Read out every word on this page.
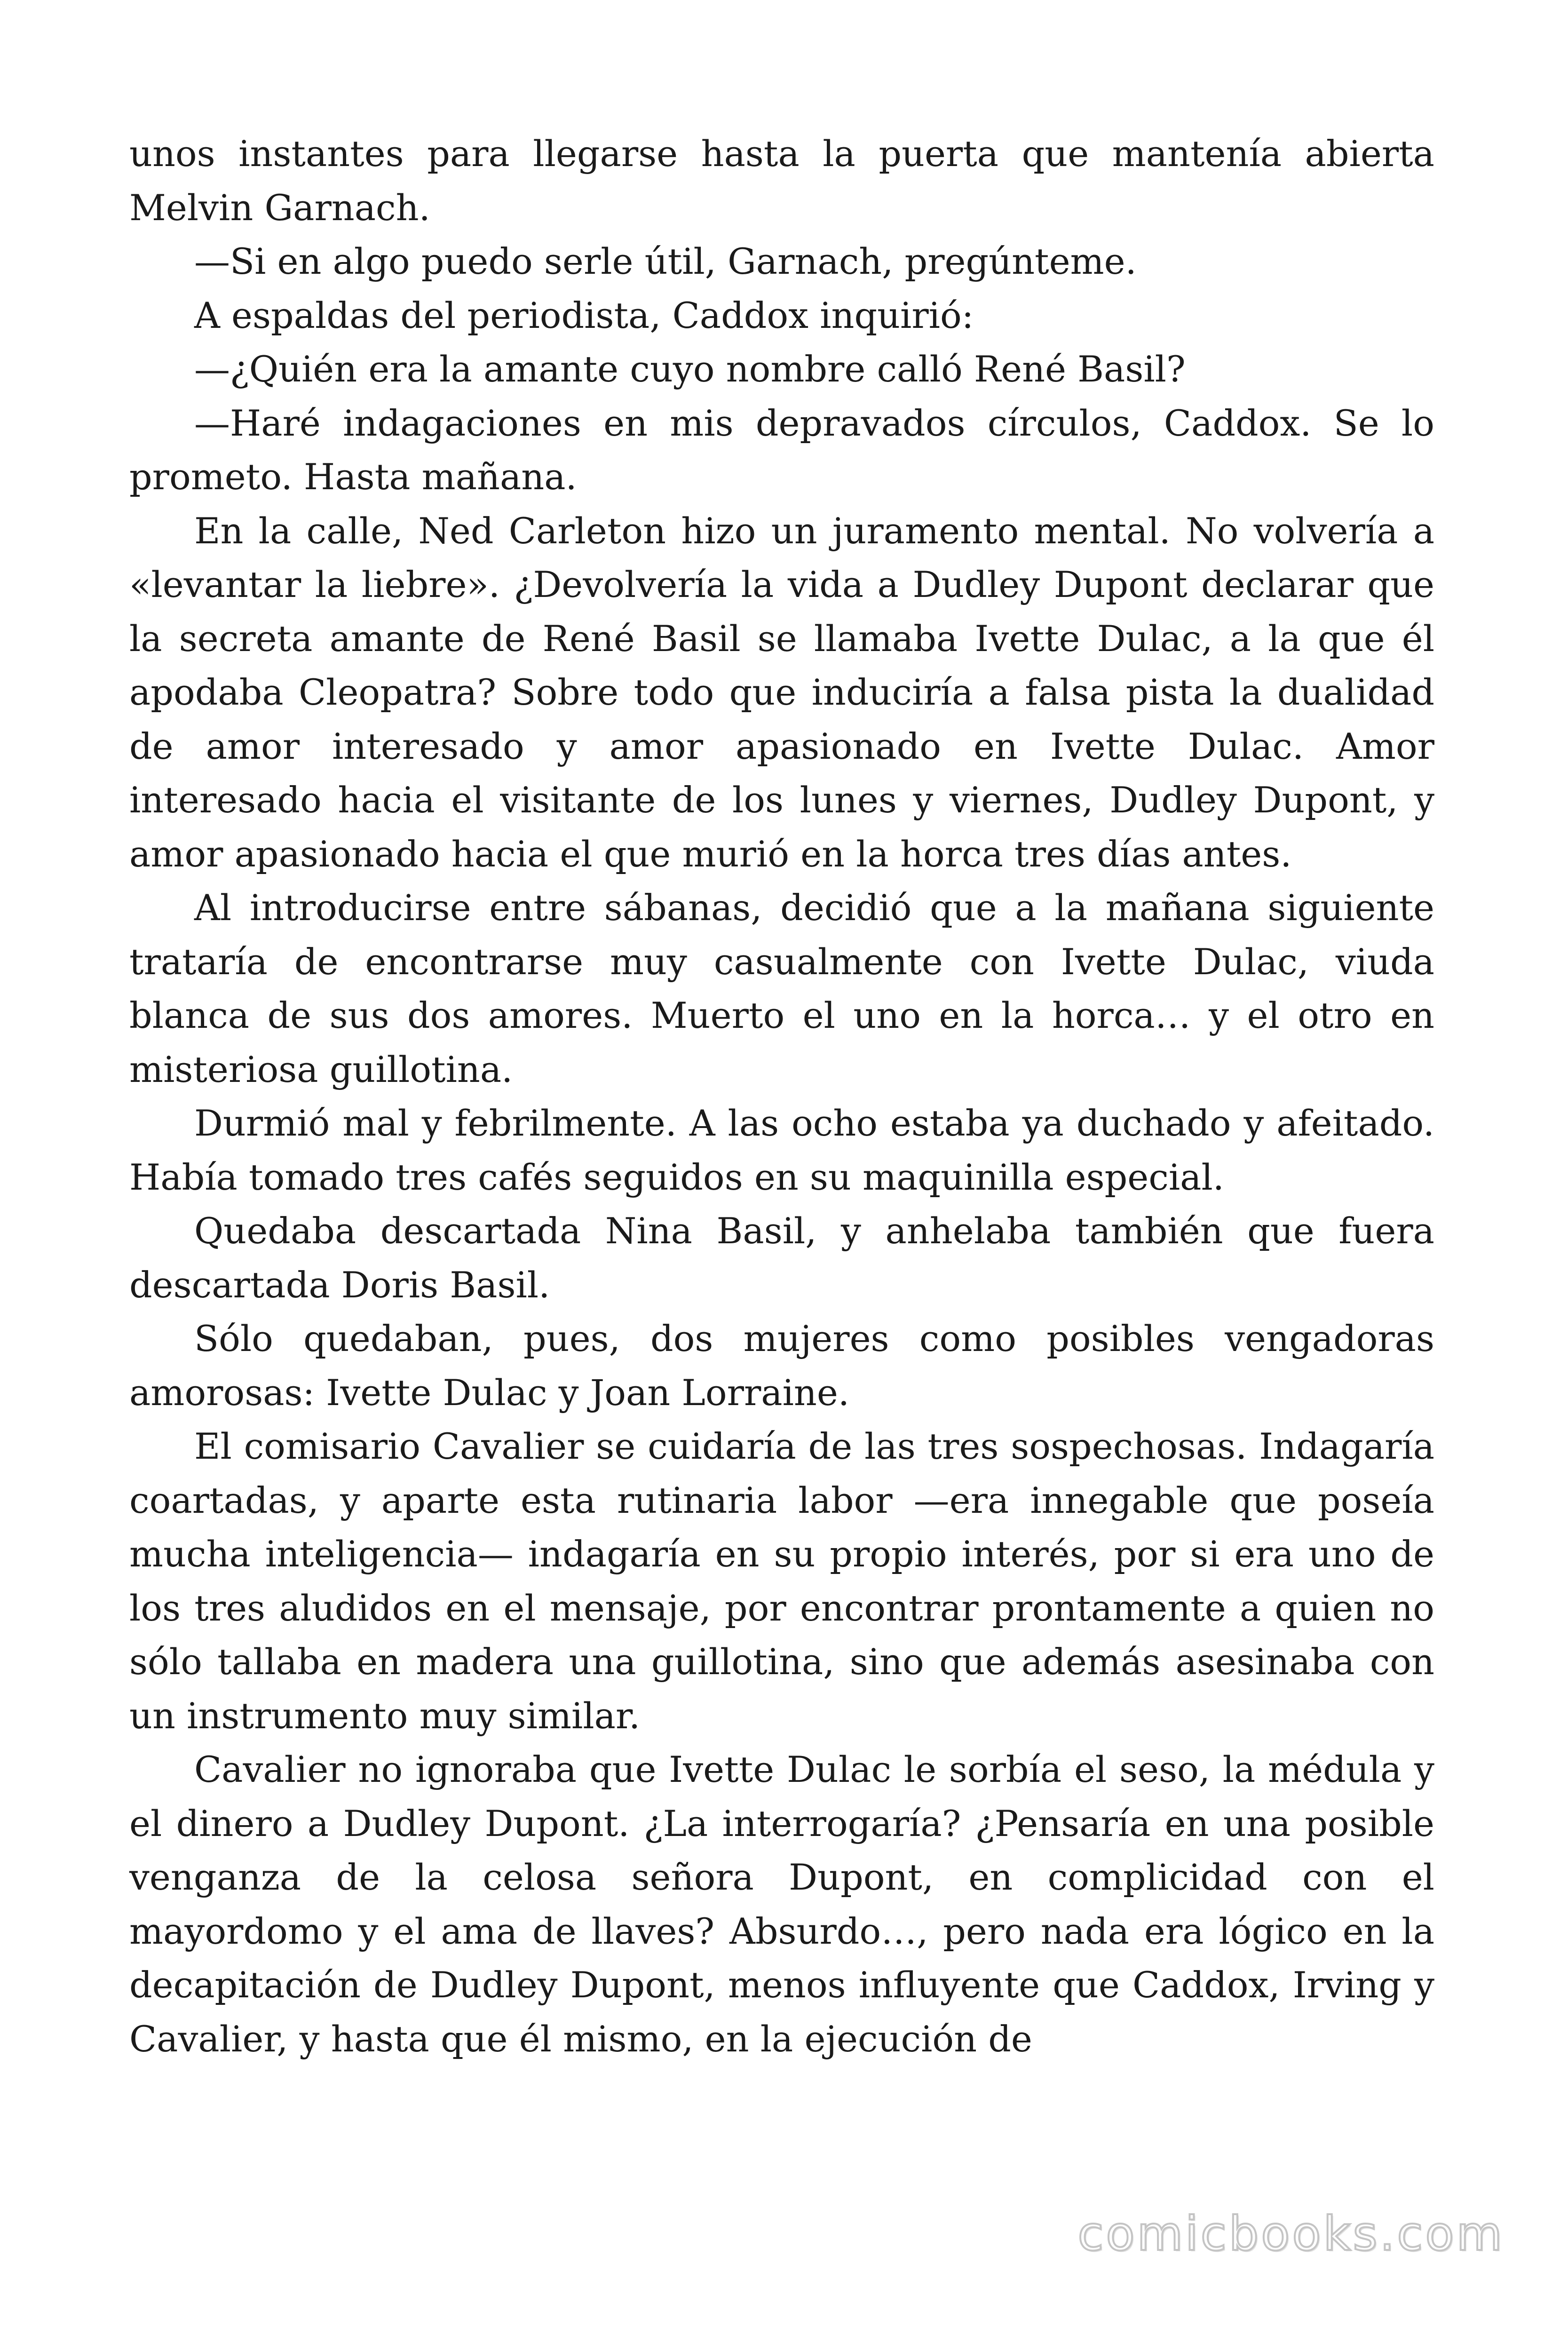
unos instantes para llegarse hasta la puerta que mantenía abierta Melvin Garnach.

—Si en algo puedo serle útil, Garnach, pregúnteme.

A espaldas del periodista, Caddox inquirió:

—¿Quién era la amante cuyo nombre calló René Basil?

—Haré indagaciones en mis depravados círculos, Caddox. Se lo prometo. Hasta mañana.

En la calle, Ned Carleton hizo un juramento mental. No volvería a «levantar la liebre». ¿Devolvería la vida a Dudley Dupont declarar que la secreta amante de René Basil se llamaba Ivette Dulac, a la que él apodaba Cleopatra? Sobre todo que induciría a falsa pista la dualidad de amor interesado y amor apasionado en Ivette Dulac. Amor interesado hacia el visitante de los lunes y viernes, Dudley Dupont, y amor apasionado hacia el que murió en la horca tres días antes.

Al introducirse entre sábanas, decidió que a la mañana siguiente trataría de encontrarse muy casualmente con Ivette Dulac, viuda blanca de sus dos amores. Muerto el uno en la horca… y el otro en misteriosa guillotina.

Durmió mal y febrilmente. A las ocho estaba ya duchado y afeitado. Había tomado tres cafés seguidos en su maquinilla especial.

Quedaba descartada Nina Basil, y anhelaba también que fuera descartada Doris Basil.

Sólo quedaban, pues, dos mujeres como posibles vengadoras amorosas: Ivette Dulac y Joan Lorraine.

El comisario Cavalier se cuidaría de las tres sospechosas. Indagaría coartadas, y aparte esta rutinaria labor —era innegable que poseía mucha inteligencia— indagaría en su propio interés, por si era uno de los tres aludidos en el mensaje, por encontrar prontamente a quien no sólo tallaba en madera una guillotina, sino que además asesinaba con un instrumento muy similar.

Cavalier no ignoraba que Ivette Dulac le sorbía el seso, la médula y el dinero a Dudley Dupont. ¿La interrogaría? ¿Pensaría en una posible venganza de la celosa señora Dupont, en complicidad con el mayordomo y el ama de llaves? Absurdo…, pero nada era lógico en la decapitación de Dudley Dupont, menos influyente que Caddox, Irving y Cavalier, y hasta que él mismo, en la ejecución de

comicbooks.com
